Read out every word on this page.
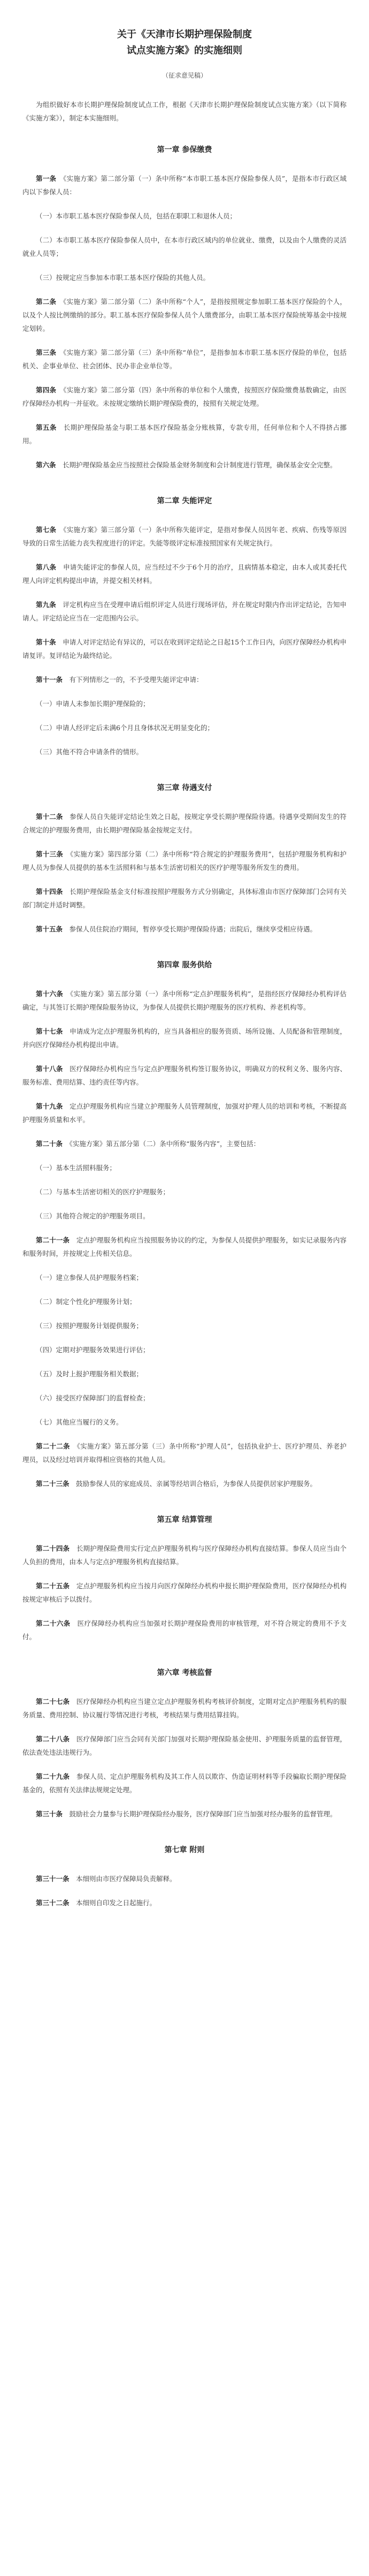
关于《天津市长期护理保险制度
试点实施方案》的实施细则
（征求意见稿）

为组织做好本市长期护理保险制度试点工作，根据《天津市长期护理保险制度试点实施方案》（以下简称《实施方案》），制定本实施细则。

第一章 参保缴费

第一条　 《实施方案》第二部分第（一）条中所称“本市职工基本医疗保险参保人员”，是指本市行政区域内以下参保人员：

（一）本市职工基本医疗保险参保人员，包括在职职工和退休人员；

（二）本市职工基本医疗保险参保人员中，在本市行政区域内的单位就业、缴费，以及由个人缴费的灵活就业人员等；

（三）按规定应当参加本市职工基本医疗保险的其他人员。

第二条　 《实施方案》第二部分第（二）条中所称“个人”，是指按照规定参加职工基本医疗保险的个人，以及个人按比例缴纳的部分。职工基本医疗保险参保人员个人缴费部分，由职工基本医疗保险统筹基金中按规定划转。

第三条　 《实施方案》第二部分第（三）条中所称“单位”，是指参加本市职工基本医疗保险的单位，包括机关、企事业单位、社会团体、民办非企业单位等。

第四条　 《实施方案》第二部分第（四）条中所称的单位和个人缴费，按照医疗保险缴费基数确定，由医疗保障经办机构一并征收。未按规定缴纳长期护理保险费的，按照有关规定处理。

第五条　 长期护理保险基金与职工基本医疗保险基金分账核算，专款专用，任何单位和个人不得挤占挪用。

第六条　 长期护理保险基金应当按照社会保险基金财务制度和会计制度进行管理，确保基金安全完整。

第二章 失能评定

第七条　 《实施方案》第三部分第（一）条中所称失能评定，是指对参保人员因年老、疾病、伤残等原因导致的日常生活能力丧失程度进行的评定。失能等级评定标准按照国家有关规定执行。

第八条　 申请失能评定的参保人员，应当经过不少于6个月的治疗，且病情基本稳定，由本人或其委托代理人向评定机构提出申请，并提交相关材料。

第九条　 评定机构应当在受理申请后组织评定人员进行现场评估，并在规定时限内作出评定结论，告知申请人。评定结论应当在一定范围内公示。

第十条　 申请人对评定结论有异议的，可以在收到评定结论之日起15个工作日内，向医疗保障经办机构申请复评。复评结论为最终结论。

第十一条　 有下列情形之一的，不予受理失能评定申请：

（一）申请人未参加长期护理保险的；

（二）申请人经评定后未满6个月且身体状况无明显变化的；

（三）其他不符合申请条件的情形。

第三章 待遇支付

第十二条　 参保人员自失能评定结论生效之日起，按规定享受长期护理保险待遇。待遇享受期间发生的符合规定的护理服务费用，由长期护理保险基金按规定支付。

第十三条　 《实施方案》第四部分第（二）条中所称“符合规定的护理服务费用”，包括护理服务机构和护理人员为参保人员提供的基本生活照料和与基本生活密切相关的医疗护理等服务所发生的费用。

第十四条　 长期护理保险基金支付标准按照护理服务方式分别确定，具体标准由市医疗保障部门会同有关部门制定并适时调整。

第十五条　 参保人员住院治疗期间，暂停享受长期护理保险待遇；出院后，继续享受相应待遇。

第四章 服务供给

第十六条　 《实施方案》第五部分第（一）条中所称“定点护理服务机构”，是指经医疗保障经办机构评估确定，与其签订长期护理保险服务协议，为参保人员提供长期护理服务的医疗机构、养老机构等。

第十七条　 申请成为定点护理服务机构的，应当具备相应的服务资质、场所设施、人员配备和管理制度，并向医疗保障经办机构提出申请。

第十八条　 医疗保障经办机构应当与定点护理服务机构签订服务协议，明确双方的权利义务、服务内容、服务标准、费用结算、违约责任等内容。

第十九条　 定点护理服务机构应当建立护理服务人员管理制度，加强对护理人员的培训和考核，不断提高护理服务质量和水平。

第二十条　 《实施方案》第五部分第（二）条中所称“服务内容”，主要包括：

（一）基本生活照料服务；

（二）与基本生活密切相关的医疗护理服务；

（三）其他符合规定的护理服务项目。

第二十一条　 定点护理服务机构应当按照服务协议的约定，为参保人员提供护理服务，如实记录服务内容和服务时间，并按规定上传相关信息。

（一）建立参保人员护理服务档案；

（二）制定个性化护理服务计划；

（三）按照护理服务计划提供服务；

（四）定期对护理服务效果进行评估；

（五）及时上报护理服务相关数据；

（六）接受医疗保障部门的监督检查；

（七）其他应当履行的义务。

第二十二条　 《实施方案》第五部分第（三）条中所称“护理人员”，包括执业护士、医疗护理员、养老护理员，以及经过培训并取得相应资格的其他人员。

第二十三条　 鼓励参保人员的家庭成员、亲属等经培训合格后，为参保人员提供居家护理服务。

第五章 结算管理

第二十四条　 长期护理保险费用实行定点护理服务机构与医疗保障经办机构直接结算。参保人员应当由个人负担的费用，由本人与定点护理服务机构直接结算。

第二十五条　 定点护理服务机构应当按月向医疗保障经办机构申报长期护理保险费用，医疗保障经办机构按规定审核后予以拨付。

第二十六条　 医疗保障经办机构应当加强对长期护理保险费用的审核管理，对不符合规定的费用不予支付。

第六章 考核监督

第二十七条　 医疗保障经办机构应当建立定点护理服务机构考核评价制度，定期对定点护理服务机构的服务质量、费用控制、协议履行等情况进行考核，考核结果与费用结算挂钩。

第二十八条　 医疗保障部门应当会同有关部门加强对长期护理保险基金使用、护理服务质量的监督管理，依法查处违法违规行为。

第二十九条　 参保人员、定点护理服务机构及其工作人员以欺诈、伪造证明材料等手段骗取长期护理保险基金的，依照有关法律法规规定处理。

第三十条　 鼓励社会力量参与长期护理保险经办服务，医疗保障部门应当加强对经办服务的监督管理。

第七章 附则

第三十一条　 本细则由市医疗保障局负责解释。

第三十二条　 本细则自印发之日起施行。
